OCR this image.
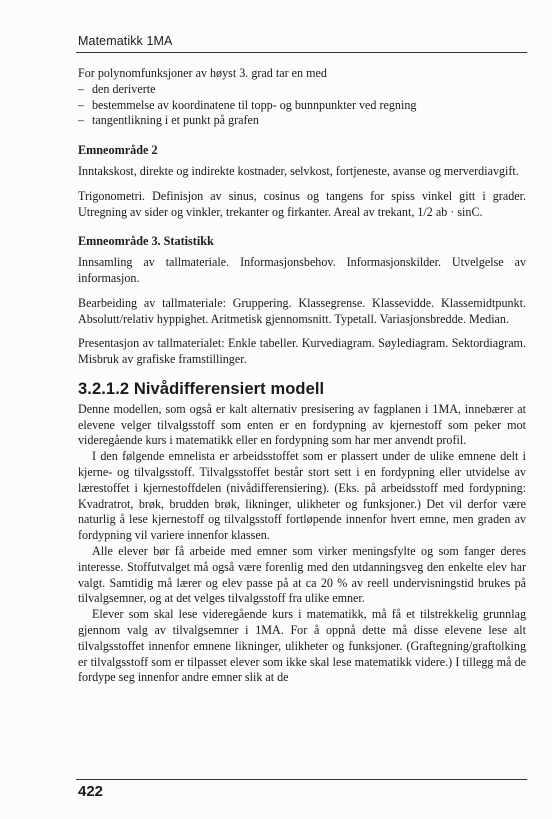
Matematikk 1MA

For polynomfunksjoner av høyst 3. grad tar en med

– den deriverte
– bestemmelse av koordinatene til topp- og bunnpunkter ved regning
– tangentlikning i et punkt på grafen
Emneområde 2

Inntakskost, direkte og indirekte kostnader, selvkost, fortjeneste, avanse og merverdiavgift.

Trigonometri. Definisjon av sinus, cosinus og tangens for spiss vinkel gitt i grader. Utregning av sider og vinkler, trekanter og firkanter. Areal av trekant, 1/2 ab · sinC.

Emneområde 3. Statistikk

Innsamling av tallmateriale. Informasjonsbehov. Informasjonskilder. Utvelgelse av informasjon.

Bearbeiding av tallmateriale: Gruppering. Klassegrense. Klassevidde. Klassemidtpunkt. Absolutt/relativ hyppighet. Aritmetisk gjennomsnitt. Typetall. Variasjonsbredde. Median.

Presentasjon av tallmaterialet: Enkle tabeller. Kurvediagram. Søylediagram. Sektordiagram. Misbruk av grafiske framstillinger.

3.2.1.2 Nivådifferensiert modell

Denne modellen, som også er kalt alternativ presisering av fagplanen i 1MA, innebærer at elevene velger tilvalgsstoff som enten er en fordypning av kjernestoff som peker mot videregående kurs i matematikk eller en fordypning som har mer anvendt profil.

I den følgende emnelista er arbeidsstoffet som er plassert under de ulike emnene delt i kjerne- og tilvalgsstoff. Tilvalgsstoffet består stort sett i en fordypning eller utvidelse av lærestoffet i kjernestoffdelen (nivådifferensiering). (Eks. på arbeidsstoff med fordypning: Kvadratrot, brøk, brudden brøk, likninger, ulikheter og funksjoner.) Det vil derfor være naturlig å lese kjernestoff og tilvalgsstoff fortløpende innenfor hvert emne, men graden av fordypning vil variere innenfor klassen.

Alle elever bør få arbeide med emner som virker meningsfylte og som fanger deres interesse. Stoffutvalget må også være forenlig med den utdanningsveg den enkelte elev har valgt. Samtidig må lærer og elev passe på at ca 20 % av reell undervisningstid brukes på tilvalgsemner, og at det velges tilvalgsstoff fra ulike emner.

Elever som skal lese videregående kurs i matematikk, må få et tilstrekkelig grunnlag gjennom valg av tilvalgsemner i 1MA. For å oppnå dette må disse elevene lese alt tilvalgsstoffet innenfor emnene likninger, ulikheter og funksjoner. (Graftegning/graftolking er tilvalgsstoff som er tilpasset elever som ikke skal lese matematikk videre.) I tillegg må de fordype seg innenfor andre emner slik at de

422
